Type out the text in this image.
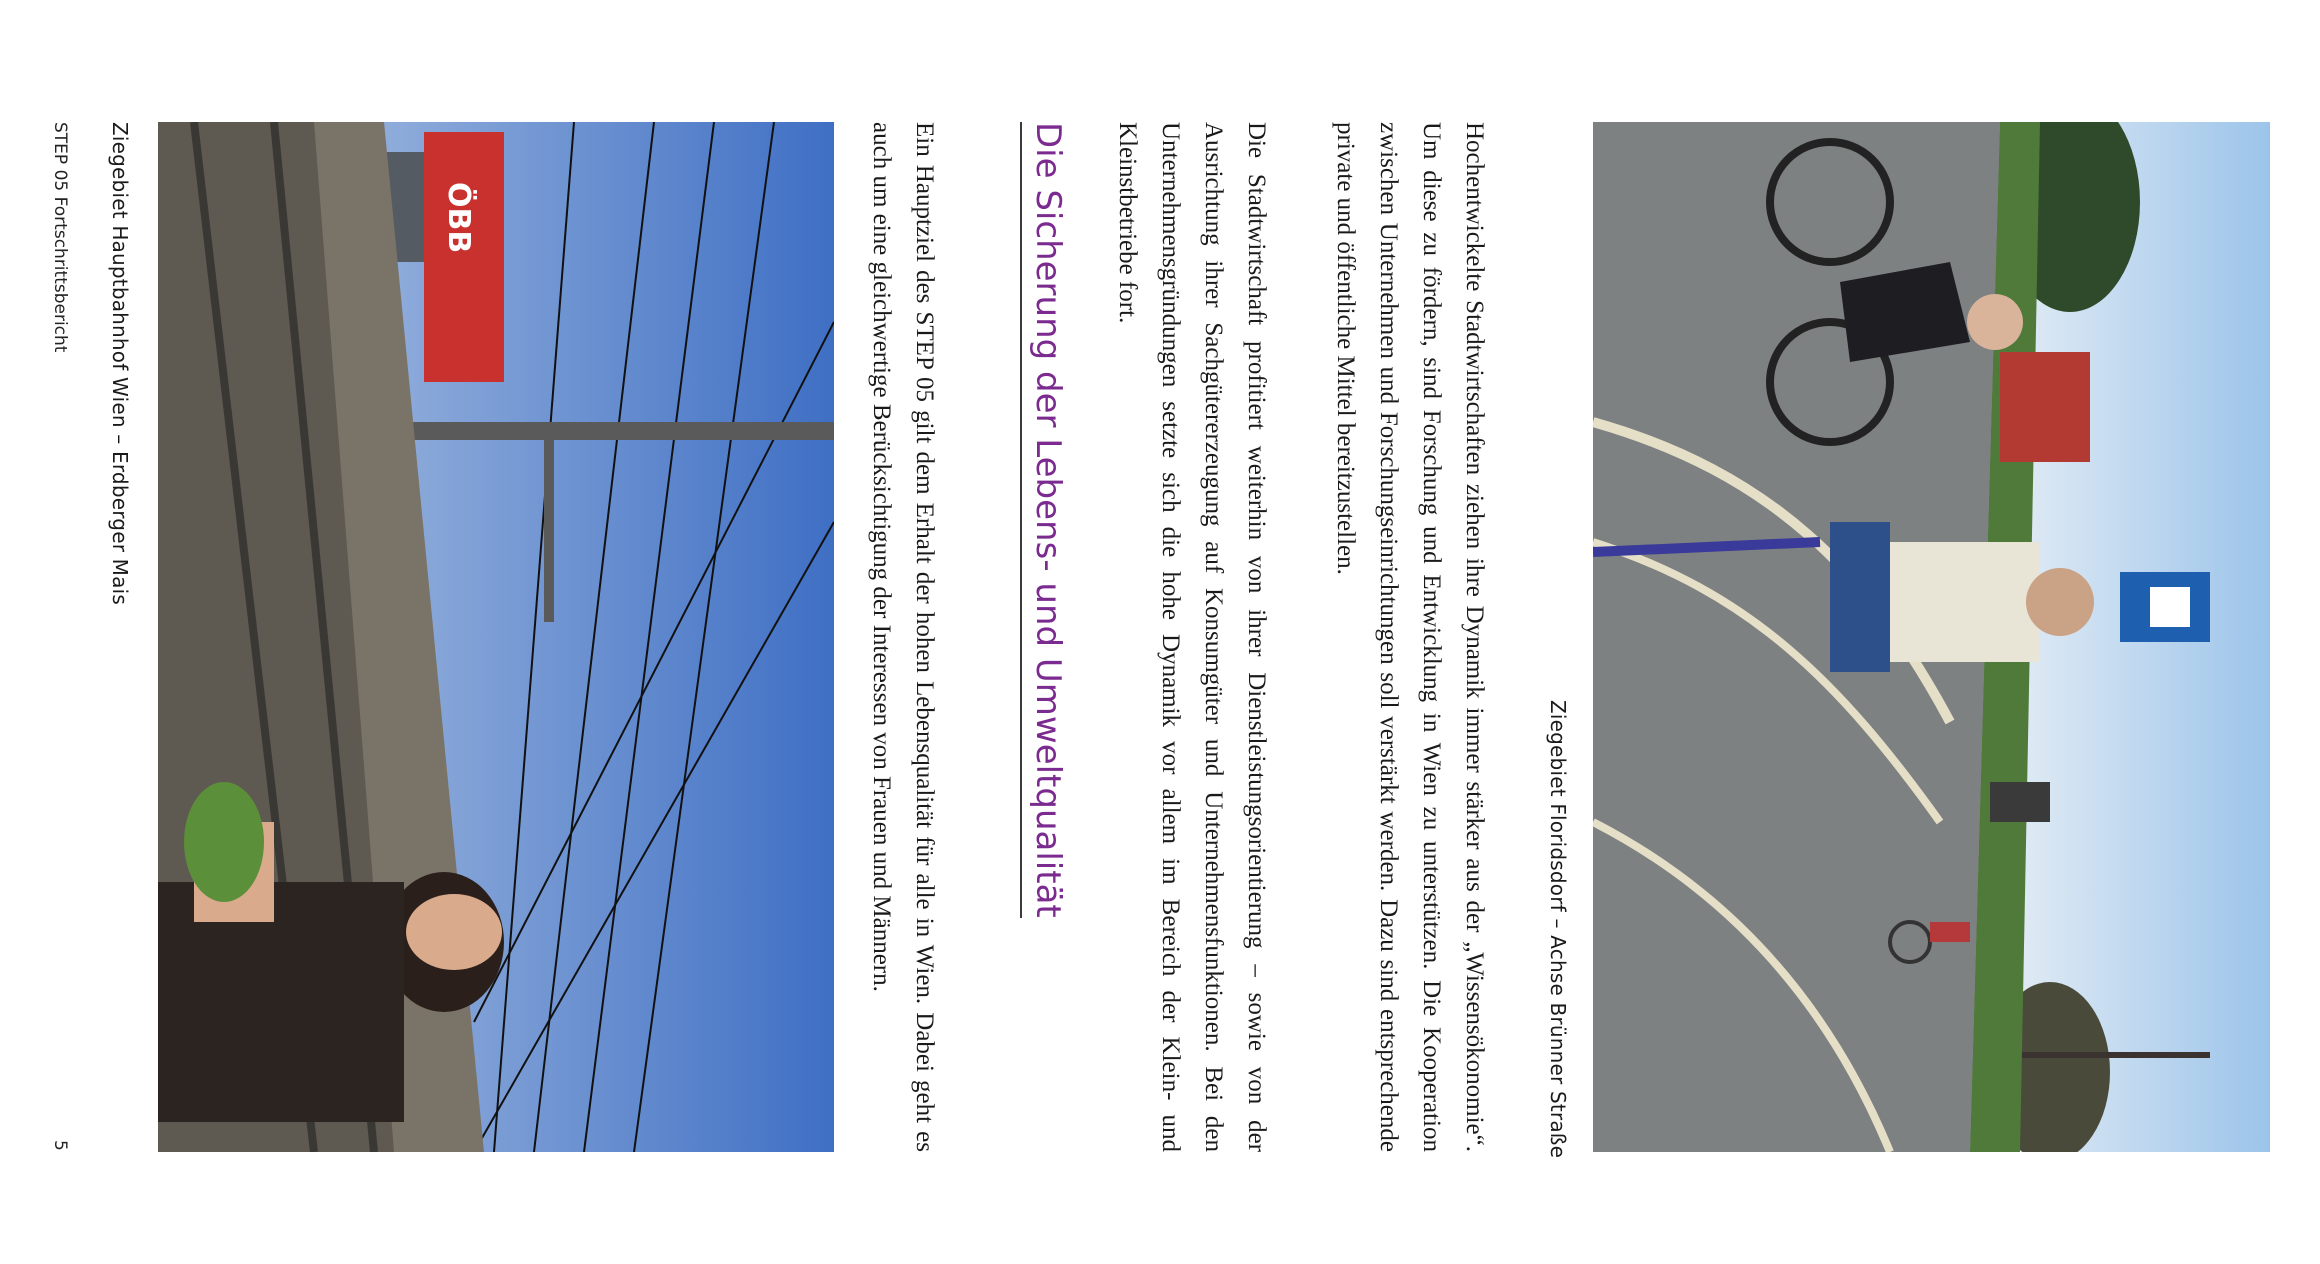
Ziegebiet Floridsdorf – Achse Brünner Straße

Hochentwickelte Stadtwirtschaften ziehen ihre Dynamik immer stärker aus der „Wissensökonomie“. Um diese zu fördern, sind Forschung und Entwicklung in Wien zu unterstützen. Die Kooperation zwischen Unternehmen und Forschungseinrichtungen soll verstärkt werden. Dazu sind entsprechende private und öffentliche Mittel bereitzustellen.

Die Stadtwirtschaft profitiert weiterhin von ihrer Dienstleistungsorientierung – sowie von der Ausrichtung ihrer Sachgütererzeugung auf Konsumgüter und Unternehmensfunktionen. Bei den Unternehmensgründungen setzte sich die hohe Dynamik vor allem im Bereich der Klein- und Kleinstbetriebe fort.

Die Sicherung der Lebens- und Umweltqualität

Ein Hauptziel des STEP 05 gilt dem Erhalt der hohen Lebensqualität für alle in Wien. Dabei geht es auch um eine gleichwertige Berücksichtigung der Interessen von Frauen und Männern.

ÖBB
Ziegebiet Hauptbahnhof Wien – Erdberger Mais
STEP 05 Fortschrittsbericht
5
